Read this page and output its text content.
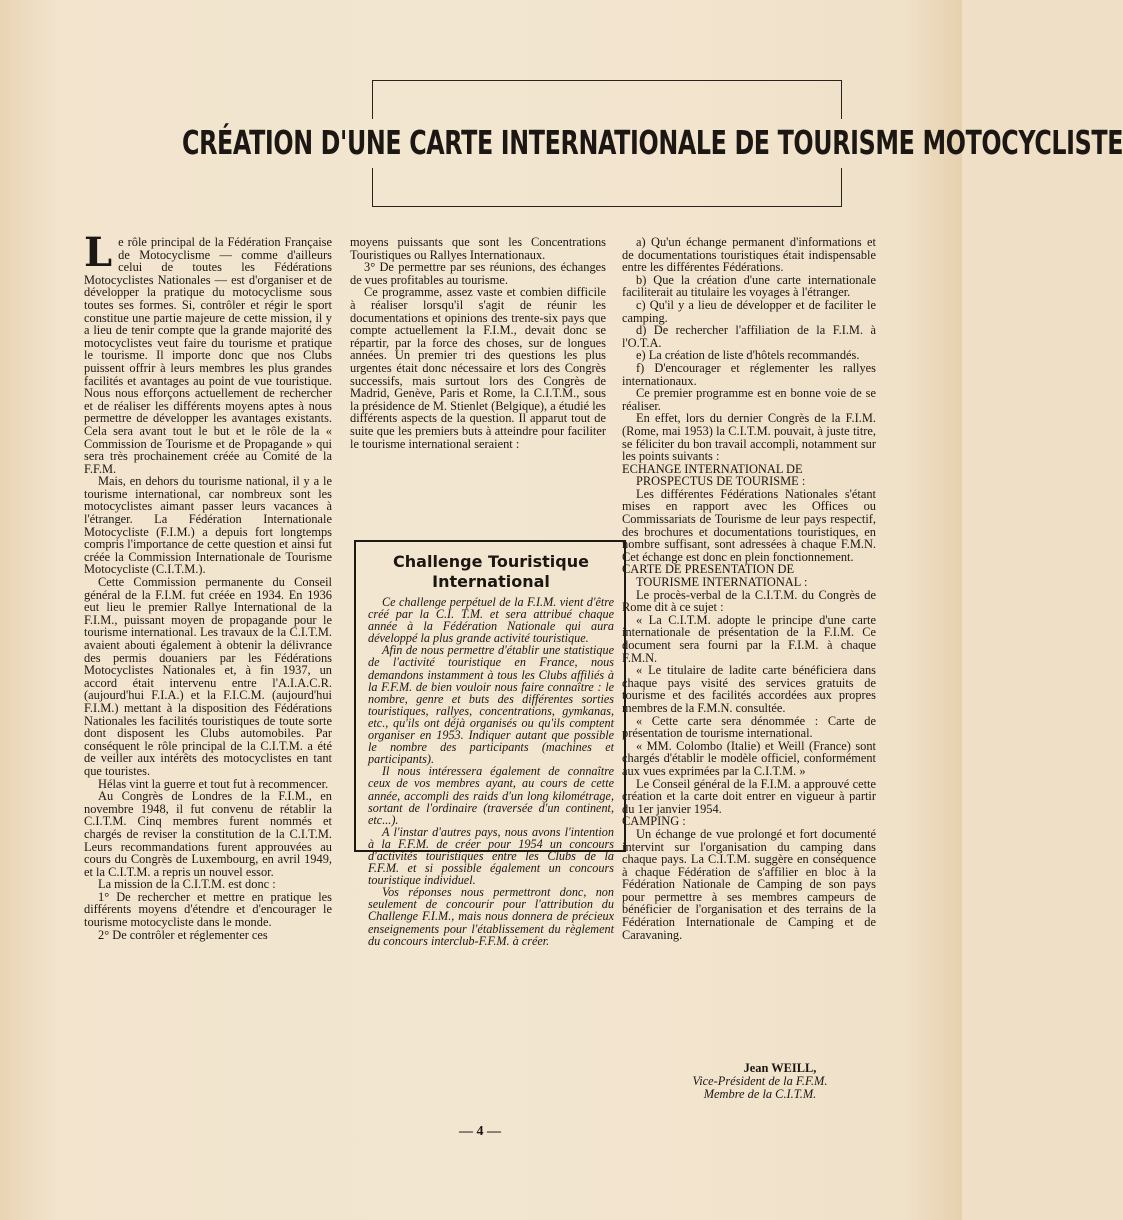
CRÉATION D'UNE CARTE INTERNATIONALE DE TOURISME MOTOCYCLISTE

Le rôle principal de la Fédération Française de Motocyclisme — comme d'ailleurs celui de toutes les Fédérations Motocyclistes Nationales — est d'organiser et de développer la pratique du motocyclisme sous toutes ses formes. Si, contrôler et régir le sport constitue une partie majeure de cette mission, il y a lieu de tenir compte que la grande majorité des motocyclistes veut faire du tourisme et pratique le tourisme. Il importe donc que nos Clubs puissent offrir à leurs membres les plus grandes facilités et avantages au point de vue touristique. Nous nous efforçons actuellement de rechercher et de réaliser les différents moyens aptes à nous permettre de développer les avantages existants. Cela sera avant tout le but et le rôle de la « Commission de Tourisme et de Propagande » qui sera très prochainement créée au Comité de la F.F.M.

Mais, en dehors du tourisme national, il y a le tourisme international, car nombreux sont les motocyclistes aimant passer leurs vacances à l'étranger. La Fédération Internationale Motocycliste (F.I.M.) a depuis fort longtemps compris l'importance de cette question et ainsi fut créée la Commission Internationale de Tourisme Motocycliste (C.I.T.M.).

Cette Commission permanente du Conseil général de la F.I.M. fut créée en 1934. En 1936 eut lieu le premier Rallye International de la F.I.M., puissant moyen de propagande pour le tourisme international. Les travaux de la C.I.T.M. avaient abouti également à obtenir la délivrance des permis douaniers par les Fédérations Motocyclistes Nationales et, à fin 1937, un accord était intervenu entre l'A.I.A.C.R. (aujourd'hui F.I.A.) et la F.I.C.M. (aujourd'hui F.I.M.) mettant à la disposition des Fédérations Nationales les facilités touristiques de toute sorte dont disposent les Clubs automobiles. Par conséquent le rôle principal de la C.I.T.M. a été de veiller aux intérêts des motocyclistes en tant que touristes.

Hélas vint la guerre et tout fut à recommencer.

Au Congrès de Londres de la F.I.M., en novembre 1948, il fut convenu de rétablir la C.I.T.M. Cinq membres furent nommés et chargés de reviser la constitution de la C.I.T.M. Leurs recommandations furent approuvées au cours du Congrès de Luxembourg, en avril 1949, et la C.I.T.M. a repris un nouvel essor.

La mission de la C.I.T.M. est donc :

1° De rechercher et mettre en pratique les différents moyens d'étendre et d'encourager le tourisme motocycliste dans le monde.

2° De contrôler et réglementer ces

moyens puissants que sont les Concentrations Touristiques ou Rallyes Internationaux.

3° De permettre par ses réunions, des échanges de vues profitables au tourisme.

Ce programme, assez vaste et combien difficile à réaliser lorsqu'il s'agit de réunir les documentations et opinions des trente-six pays que compte actuellement la F.I.M., devait donc se répartir, par la force des choses, sur de longues années. Un premier tri des questions les plus urgentes était donc nécessaire et lors des Congrès successifs, mais surtout lors des Congrès de Madrid, Genève, Paris et Rome, la C.I.T.M., sous la présidence de M. Stienlet (Belgique), a étudié les différents aspects de la question. Il apparut tout de suite que les premiers buts à atteindre pour faciliter le tourisme international seraient :

Challenge Touristique
International

Ce challenge perpétuel de la F.I.M. vient d'être créé par la C.I. T.M. et sera attribué chaque année à la Fédération Nationale qui aura développé la plus grande activité touristique.

Afin de nous permettre d'établir une statistique de l'activité touristique en France, nous demandons instamment à tous les Clubs affiliés à la F.F.M. de bien vouloir nous faire connaître : le nombre, genre et buts des différentes sorties touristiques, rallyes, concentrations, gymkanas, etc., qu'ils ont déjà organisés ou qu'ils comptent organiser en 1953. Indiquer autant que possible le nombre des participants (machines et participants).

Il nous intéressera également de connaître ceux de vos membres ayant, au cours de cette année, accompli des raids d'un long kilométrage, sortant de l'ordinaire (traversée d'un continent, etc...).

A l'instar d'autres pays, nous avons l'intention à la F.F.M. de créer pour 1954 un concours d'activités touristiques entre les Clubs de la F.F.M. et si possible également un concours touristique individuel.

Vos réponses nous permettront donc, non seulement de concourir pour l'attribution du Challenge F.I.M., mais nous donnera de précieux enseignements pour l'établissement du règlement du concours interclub-F.F.M. à créer.

a) Qu'un échange permanent d'informations et de documentations touristiques était indispensable entre les différentes Fédérations.

b) Que la création d'une carte internationale faciliterait au titulaire les voyages à l'étranger.

c) Qu'il y a lieu de développer et de faciliter le camping.

d) De rechercher l'affiliation de la F.I.M. à l'O.T.A.

e) La création de liste d'hôtels recommandés.

f) D'encourager et réglementer les rallyes internationaux.

Ce premier programme est en bonne voie de se réaliser.

En effet, lors du dernier Congrès de la F.I.M. (Rome, mai 1953) la C.I.T.M. pouvait, à juste titre, se féliciter du bon travail accompli, notamment sur les points suivants :

ECHANGE INTERNATIONAL DE

PROSPECTUS DE TOURISME :

Les différentes Fédérations Nationales s'étant mises en rapport avec les Offices ou Commissariats de Tourisme de leur pays respectif, des brochures et documentations touristiques, en nombre suffisant, sont adressées à chaque F.M.N. Cet échange est donc en plein fonctionnement.

CARTE DE PRESENTATION DE

TOURISME INTERNATIONAL :

Le procès-verbal de la C.I.T.M. du Congrès de Rome dit à ce sujet :

« La C.I.T.M. adopte le principe d'une carte internationale de présentation de la F.I.M. Ce document sera fourni par la F.I.M. à chaque F.M.N.

« Le titulaire de ladite carte bénéficiera dans chaque pays visité des services gratuits de tourisme et des facilités accordées aux propres membres de la F.M.N. consultée.

« Cette carte sera dénommée : Carte de présentation de tourisme international.

« MM. Colombo (Italie) et Weill (France) sont chargés d'établir le modèle officiel, conformément aux vues exprimées par la C.I.T.M. »

Le Conseil général de la F.I.M. a approuvé cette création et la carte doit entrer en vigueur à partir du 1er janvier 1954.

CAMPING :

Un échange de vue prolongé et fort documenté intervint sur l'organisation du camping dans chaque pays. La C.I.T.M. suggère en conséquence à chaque Fédération de s'affilier en bloc à la Fédération Nationale de Camping de son pays pour permettre à ses membres campeurs de bénéficier de l'organisation et des terrains de la Fédération Internationale de Camping et de Caravaning.

Jean WEILL,
Vice-Président de la F.F.M.
Membre de la C.I.T.M.
— 4 —
